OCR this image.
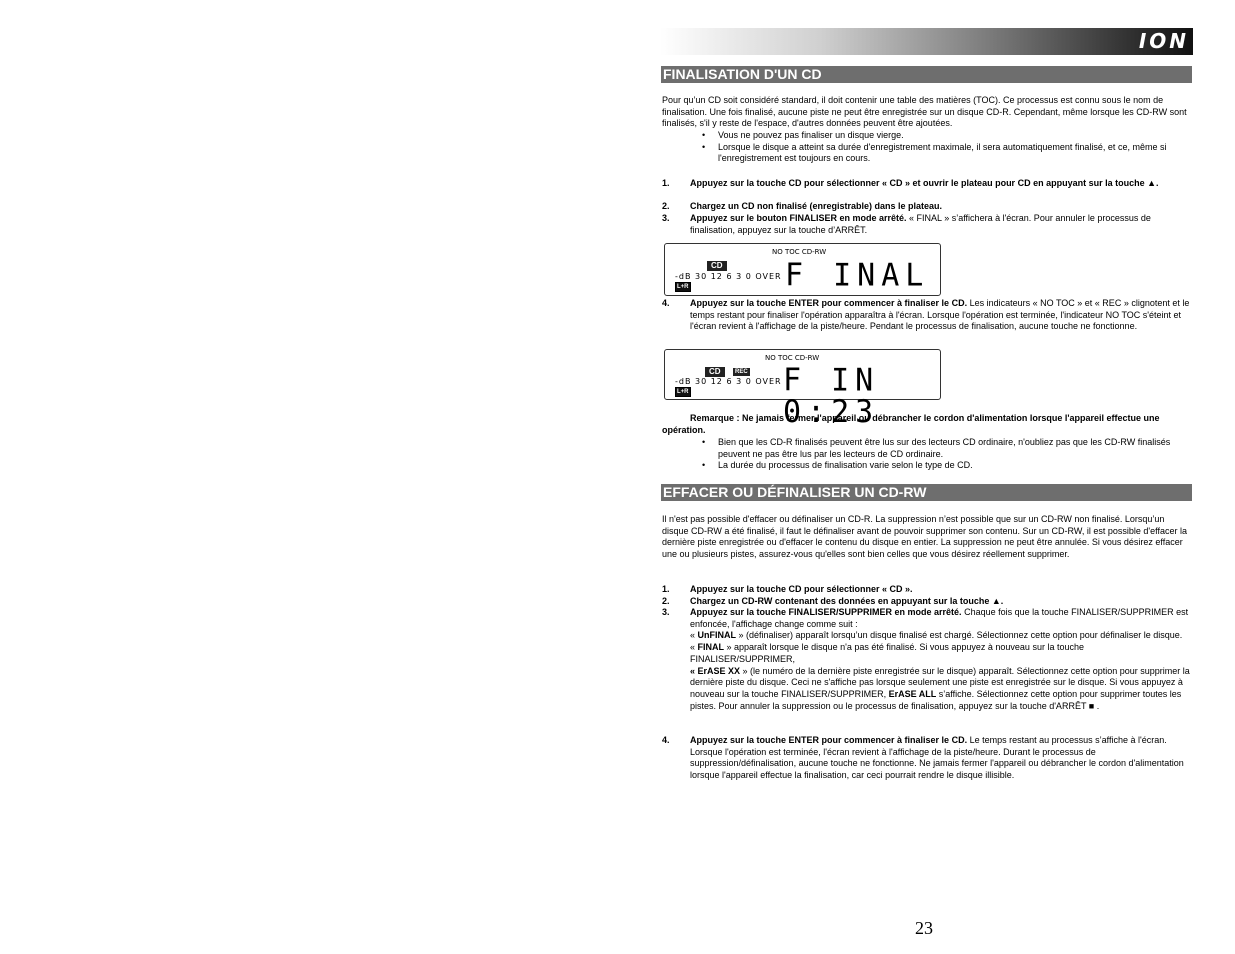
ION
FINALISATION D'UN CD
Pour qu’un CD soit considéré standard, il doit contenir une table des matières (TOC). Ce processus est connu sous le nom de finalisation. Une fois finalisé, aucune piste ne peut être enregistrée sur un disque CD-R. Cependant, même lorsque les CD-RW sont finalisés, s'il y reste de l'espace, d'autres données peuvent être ajoutées.
• Vous ne pouvez pas finaliser un disque vierge.
• Lorsque le disque a atteint sa durée d'enregistrement maximale, il sera automatiquement finalisé, et ce, même si l'enregistrement est toujours en cours.
1. Appuyez sur la touche CD pour sélectionner « CD » et ouvrir le plateau pour CD en appuyant sur la touche ▲.
2. Chargez un CD non finalisé (enregistrable) dans le plateau.
3. Appuyez sur le bouton FINALISER en mode arrêté. « FINAL » s’affichera à l'écran. Pour annuler le processus de finalisation, appuyez sur la touche d’ARRÊT.
NO TOC CD-RW
CD
-dB 30 12 6 3 0 OVER
L+R	F INAL
4. Appuyez sur la touche ENTER pour commencer à finaliser le CD. Les indicateurs « NO TOC » et « REC » clignotent et le temps restant pour finaliser l'opération apparaîtra à l'écran. Lorsque l'opération est terminée, l'indicateur NO TOC s'éteint et l'écran revient à l'affichage de la piste/heure. Pendant le processus de finalisation, aucune touche ne fonctionne.
NO TOC CD-RW
CD	REC
-dB 30 12 6 3 0 OVER
L+R	F IN 0:23
Remarque : Ne jamais fermer l'appareil ou débrancher le cordon d'alimentation lorsque l'appareil effectue une opération.
• Bien que les CD-R finalisés peuvent être lus sur des lecteurs CD ordinaire, n'oubliez pas que les CD-RW finalisés peuvent ne pas être lus par les lecteurs de CD ordinaire.
• La durée du processus de finalisation varie selon le type de CD.
EFFACER OU DÉFINALISER UN CD-RW
Il n'est pas possible d'effacer ou définaliser un CD-R. La suppression n’est possible que sur un CD-RW non finalisé. Lorsqu’un disque CD-RW a été finalisé, il faut le définaliser avant de pouvoir supprimer son contenu. Sur un CD-RW, il est possible d'effacer la dernière piste enregistrée ou d'effacer le contenu du disque en entier. La suppression ne peut être annulée. Si vous désirez effacer une ou plusieurs pistes, assurez-vous qu'elles sont bien celles que vous désirez réellement supprimer.
1. Appuyez sur la touche CD pour sélectionner « CD ».
2. Chargez un CD-RW contenant des données en appuyant sur la touche ▲.
3. Appuyez sur la touche FINALISER/SUPPRIMER en mode arrêté. Chaque fois que la touche FINALISER/SUPPRIMER est enfoncée, l'affichage change comme suit :
« UnFINAL » (définaliser) apparaît lorsqu’un disque finalisé est chargé. Sélectionnez cette option pour définaliser le disque.
« FINAL » apparaît lorsque le disque n'a pas été finalisé. Si vous appuyez à nouveau sur la touche FINALISER/SUPPRIMER,
« ErASE XX » (le numéro de la dernière piste enregistrée sur le disque) apparaît. Sélectionnez cette option pour supprimer la dernière piste du disque. Ceci ne s'affiche pas lorsque seulement une piste est enregistrée sur le disque. Si vous appuyez à nouveau sur la touche FINALISER/SUPPRIMER, ErASE ALL s’affiche. Sélectionnez cette option pour supprimer toutes les pistes. Pour annuler la suppression ou le processus de finalisation, appuyez sur la touche d'ARRÊT ■ .
4. Appuyez sur la touche ENTER pour commencer à finaliser le CD. Le temps restant au processus s’affiche à l'écran. Lorsque l'opération est terminée, l'écran revient à l'affichage de la piste/heure. Durant le processus de suppression/définalisation, aucune touche ne fonctionne. Ne jamais fermer l'appareil ou débrancher le cordon d'alimentation lorsque l'appareil effectue la finalisation, car ceci pourrait rendre le disque illisible.
23
